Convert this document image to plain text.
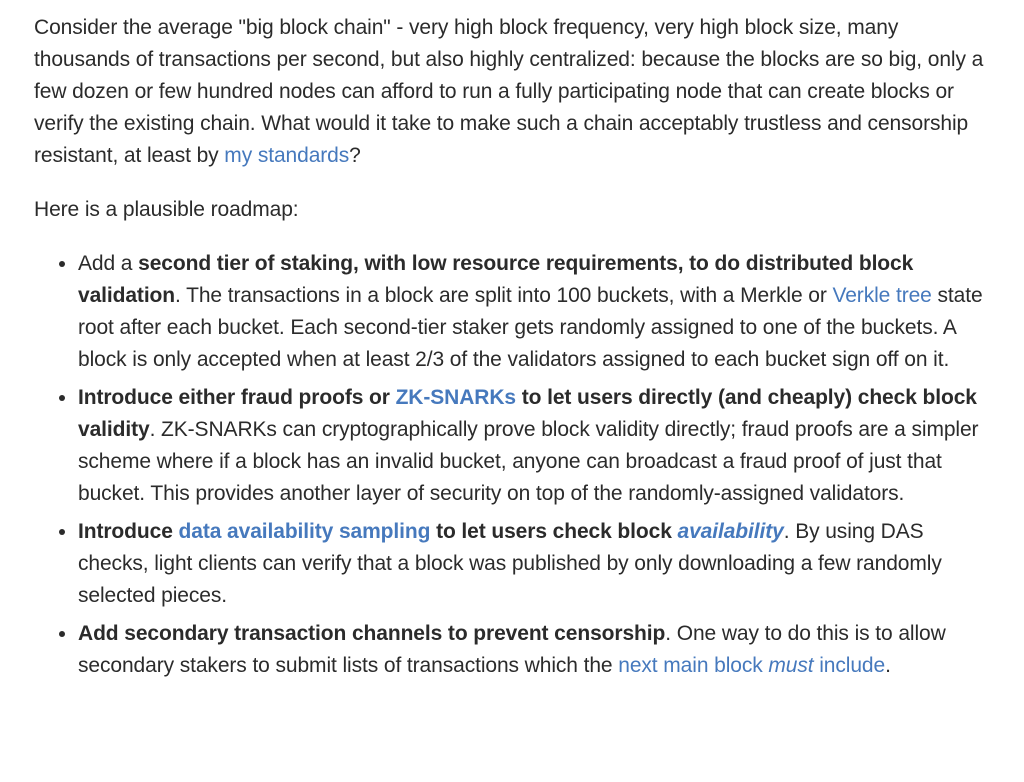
Consider the average "big block chain" - very high block frequency, very high block size, many thousands of transactions per second, but also highly centralized: because the blocks are so big, only a few dozen or few hundred nodes can afford to run a fully participating node that can create blocks or verify the existing chain. What would it take to make such a chain acceptably trustless and censorship resistant, at least by my standards?

Here is a plausible roadmap:

• Add a second tier of staking, with low resource requirements, to do distributed block validation. The transactions in a block are split into 100 buckets, with a Merkle or Verkle tree state root after each bucket. Each second-tier staker gets randomly assigned to one of the buckets. A block is only accepted when at least 2/3 of the validators assigned to each bucket sign off on it.
• Introduce either fraud proofs or ZK-SNARKs to let users directly (and cheaply) check block validity. ZK-SNARKs can cryptographically prove block validity directly; fraud proofs are a simpler scheme where if a block has an invalid bucket, anyone can broadcast a fraud proof of just that bucket. This provides another layer of security on top of the randomly-assigned validators.
• Introduce data availability sampling to let users check block availability. By using DAS checks, light clients can verify that a block was published by only downloading a few randomly selected pieces.
• Add secondary transaction channels to prevent censorship. One way to do this is to allow secondary stakers to submit lists of transactions which the next main block must include.
